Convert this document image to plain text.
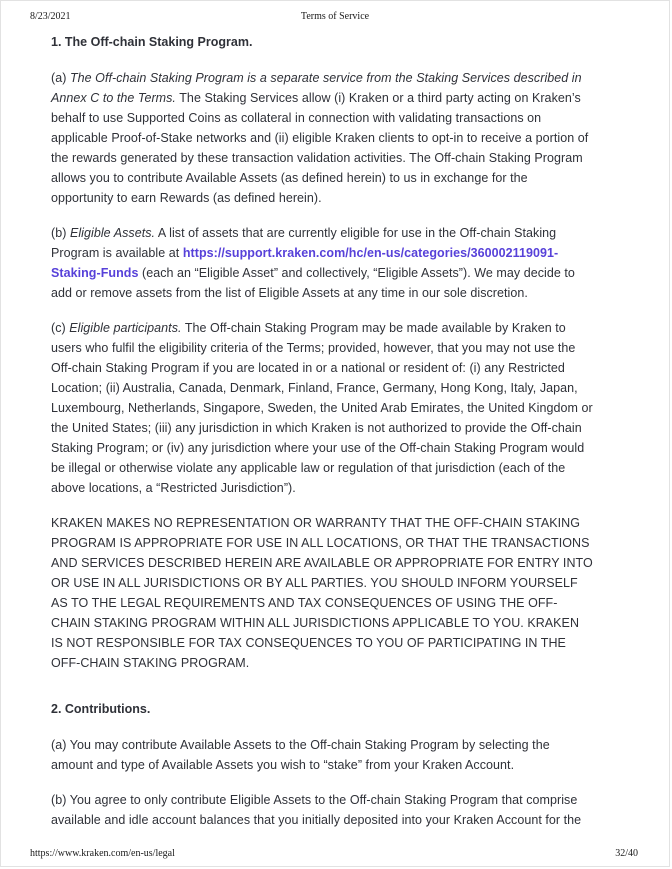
8/23/2021	Terms of Service
1. The Off-chain Staking Program.

(a) The Off-chain Staking Program is a separate service from the Staking Services described in Annex C to the Terms. The Staking Services allow (i) Kraken or a third party acting on Kraken’s behalf to use Supported Coins as collateral in connection with validating transactions on applicable Proof-of-Stake networks and (ii) eligible Kraken clients to opt-in to receive a portion of the rewards generated by these transaction validation activities. The Off-chain Staking Program allows you to contribute Available Assets (as defined herein) to us in exchange for the opportunity to earn Rewards (as defined herein).

(b) Eligible Assets. A list of assets that are currently eligible for use in the Off-chain Staking Program is available at https://support.kraken.com/hc/en-us/categories/360002119091-Staking-Funds (each an “Eligible Asset” and collectively, “Eligible Assets”). We may decide to add or remove assets from the list of Eligible Assets at any time in our sole discretion.

(c) Eligible participants. The Off-chain Staking Program may be made available by Kraken to users who fulfil the eligibility criteria of the Terms; provided, however, that you may not use the Off-chain Staking Program if you are located in or a national or resident of: (i) any Restricted Location; (ii) Australia, Canada, Denmark, Finland, France, Germany, Hong Kong, Italy, Japan, Luxembourg, Netherlands, Singapore, Sweden, the United Arab Emirates, the United Kingdom or the United States; (iii) any jurisdiction in which Kraken is not authorized to provide the Off-chain Staking Program; or (iv) any jurisdiction where your use of the Off-chain Staking Program would be illegal or otherwise violate any applicable law or regulation of that jurisdiction (each of the above locations, a “Restricted Jurisdiction”).

KRAKEN MAKES NO REPRESENTATION OR WARRANTY THAT THE OFF-CHAIN STAKING PROGRAM IS APPROPRIATE FOR USE IN ALL LOCATIONS, OR THAT THE TRANSACTIONS AND SERVICES DESCRIBED HEREIN ARE AVAILABLE OR APPROPRIATE FOR ENTRY INTO OR USE IN ALL JURISDICTIONS OR BY ALL PARTIES. YOU SHOULD INFORM YOURSELF AS TO THE LEGAL REQUIREMENTS AND TAX CONSEQUENCES OF USING THE OFF-CHAIN STAKING PROGRAM WITHIN ALL JURISDICTIONS APPLICABLE TO YOU. KRAKEN IS NOT RESPONSIBLE FOR TAX CONSEQUENCES TO YOU OF PARTICIPATING IN THE OFF-CHAIN STAKING PROGRAM.

2. Contributions.

(a) You may contribute Available Assets to the Off-chain Staking Program by selecting the amount and type of Available Assets you wish to “stake” from your Kraken Account.

(b) You agree to only contribute Eligible Assets to the Off-chain Staking Program that comprise available and idle account balances that you initially deposited into your Kraken Account for the

https://www.kraken.com/en-us/legal	32/40
